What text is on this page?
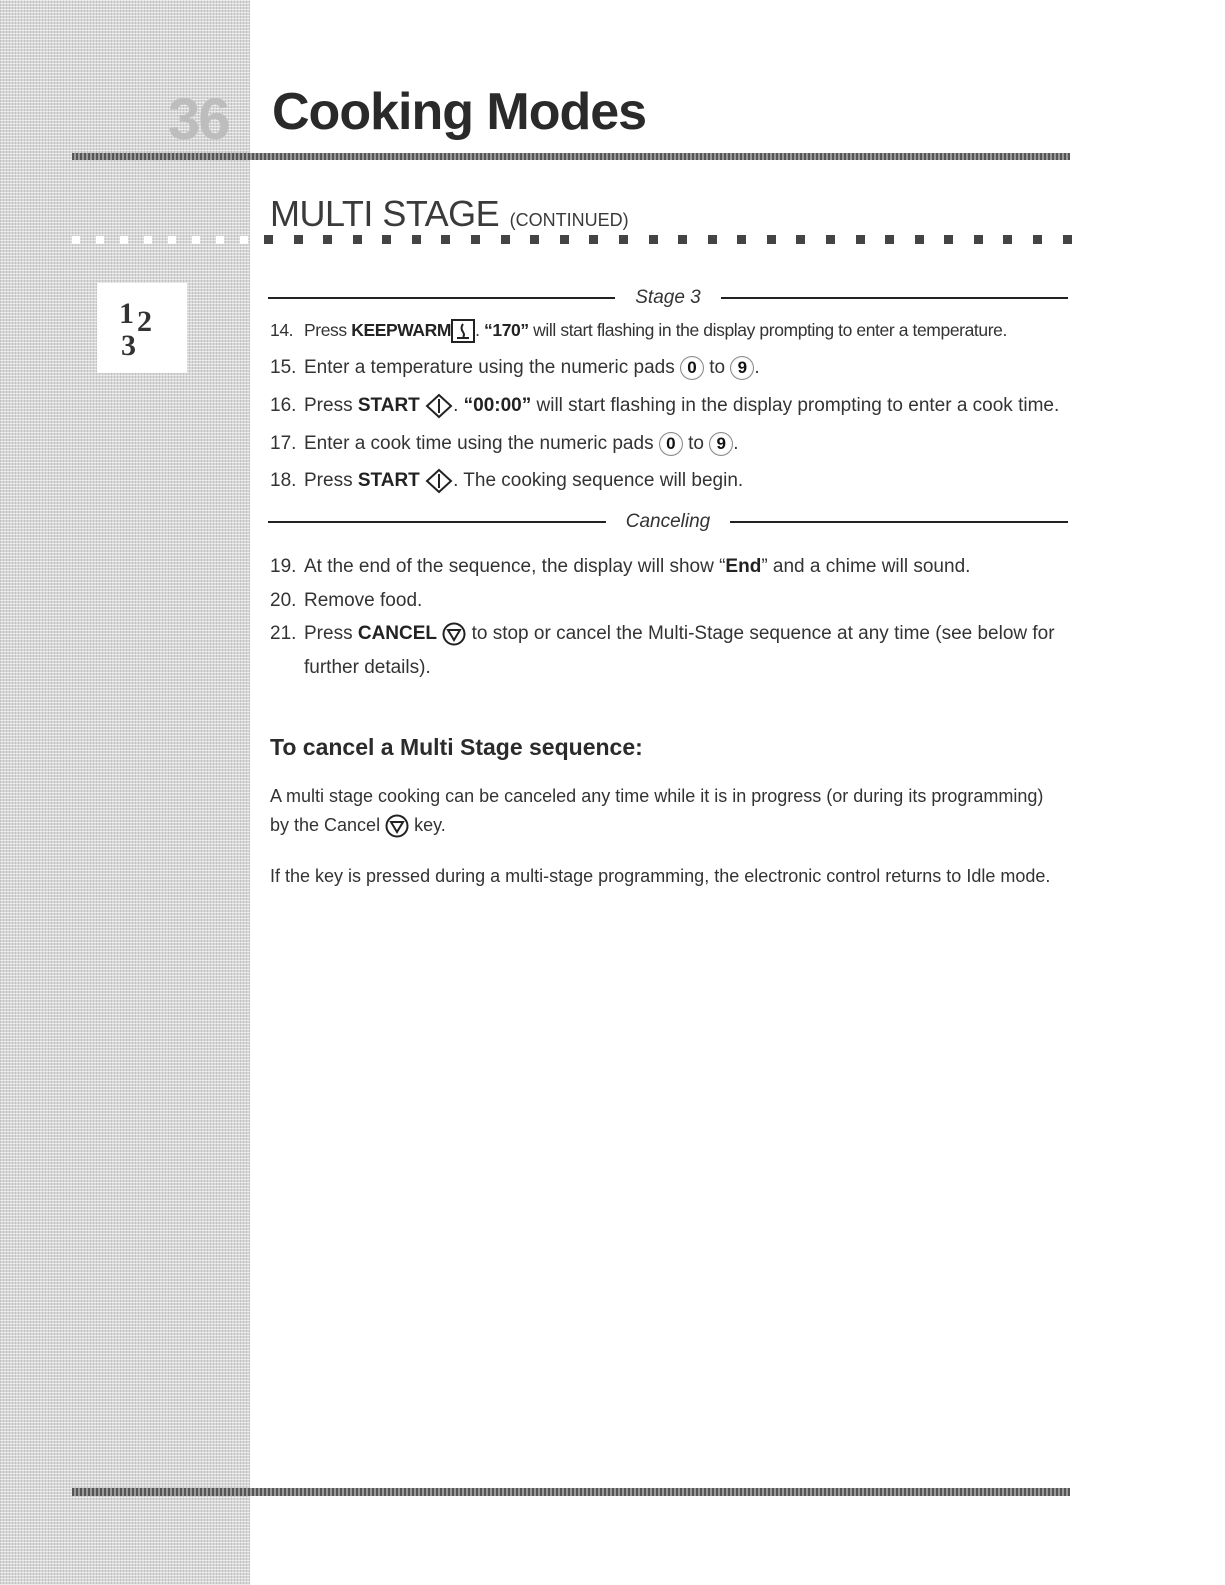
1 2
3
36 Cooking Modes
MULTI STAGE (CONTINUED)
Stage 3
14. Press KEEPWARM . “170” will start flashing in the display prompting to enter a temperature.
15. Enter a temperature using the numeric pads 0 to 9 .
16. Press START . “00:00” will start flashing in the display prompting to enter a cook time.
17. Enter a cook time using the numeric pads 0 to 9 .
18. Press START . The cooking sequence will begin.
Canceling
19. At the end of the sequence, the display will show “End” and a chime will sound.
20. Remove food.
21. Press CANCEL  to stop or cancel the Multi-Stage sequence at any time (see below for
further details).
To cancel a Multi Stage sequence:

A multi stage cooking can be canceled any time while it is in progress (or during its programming)
by the Cancel  key.

If the key is pressed during a multi-stage programming, the electronic control returns to Idle mode.
